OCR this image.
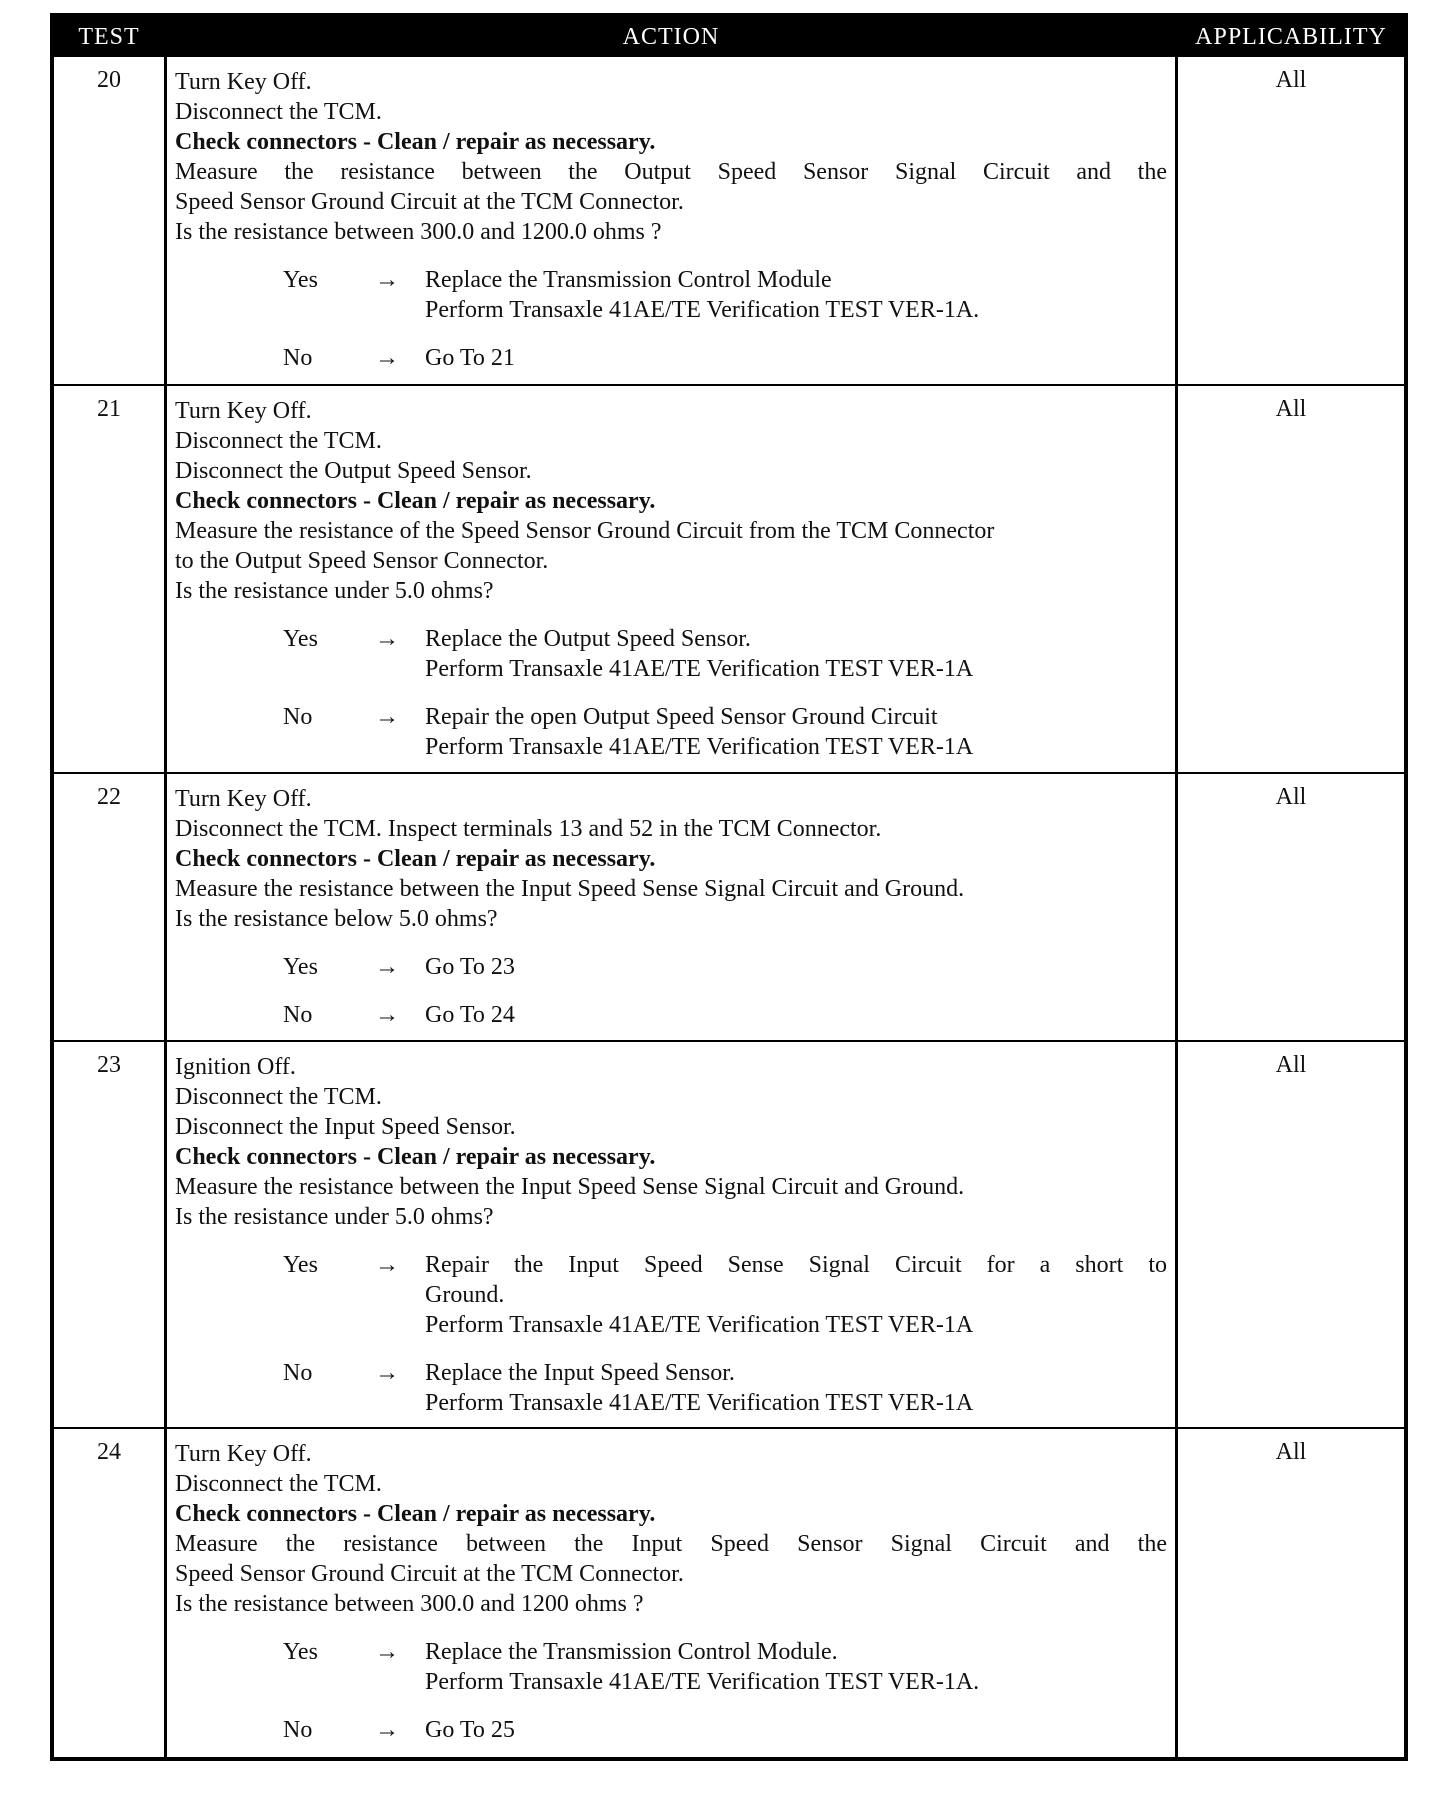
TEST	ACTION	APPLICABILITY
20	Turn Key Off.
Disconnect the TCM.
Check connectors - Clean / repair as necessary.
Measure the resistance between the Output Speed Sensor Signal Circuit and the
Speed Sensor Ground Circuit at the TCM Connector.
Is the resistance between 300.0 and 1200.0 ohms ?
Yes	→	Replace the Transmission Control Module
Perform Transaxle 41AE/TE Verification TEST VER-1A.
No	→	Go To 21
All
21	Turn Key Off.
Disconnect the TCM.
Disconnect the Output Speed Sensor.
Check connectors - Clean / repair as necessary.
Measure the resistance of the Speed Sensor Ground Circuit from the TCM Connector
to the Output Speed Sensor Connector.
Is the resistance under 5.0 ohms?
Yes	→	Replace the Output Speed Sensor.
Perform Transaxle 41AE/TE Verification TEST VER-1A
No	→	Repair the open Output Speed Sensor Ground Circuit
Perform Transaxle 41AE/TE Verification TEST VER-1A
All
22	Turn Key Off.
Disconnect the TCM. Inspect terminals 13 and 52 in the TCM Connector.
Check connectors - Clean / repair as necessary.
Measure the resistance between the Input Speed Sense Signal Circuit and Ground.
Is the resistance below 5.0 ohms?
Yes	→	Go To 23
No	→	Go To 24
All
23	Ignition Off.
Disconnect the TCM.
Disconnect the Input Speed Sensor.
Check connectors - Clean / repair as necessary.
Measure the resistance between the Input Speed Sense Signal Circuit and Ground.
Is the resistance under 5.0 ohms?
Yes	→	Repair the Input Speed Sense Signal Circuit for a short to
Ground.
Perform Transaxle 41AE/TE Verification TEST VER-1A
No	→	Replace the Input Speed Sensor.
Perform Transaxle 41AE/TE Verification TEST VER-1A
All
24	Turn Key Off.
Disconnect the TCM.
Check connectors - Clean / repair as necessary.
Measure the resistance between the Input Speed Sensor Signal Circuit and the
Speed Sensor Ground Circuit at the TCM Connector.
Is the resistance between 300.0 and 1200 ohms ?
Yes	→	Replace the Transmission Control Module.
Perform Transaxle 41AE/TE Verification TEST VER-1A.
No	→	Go To 25
All
